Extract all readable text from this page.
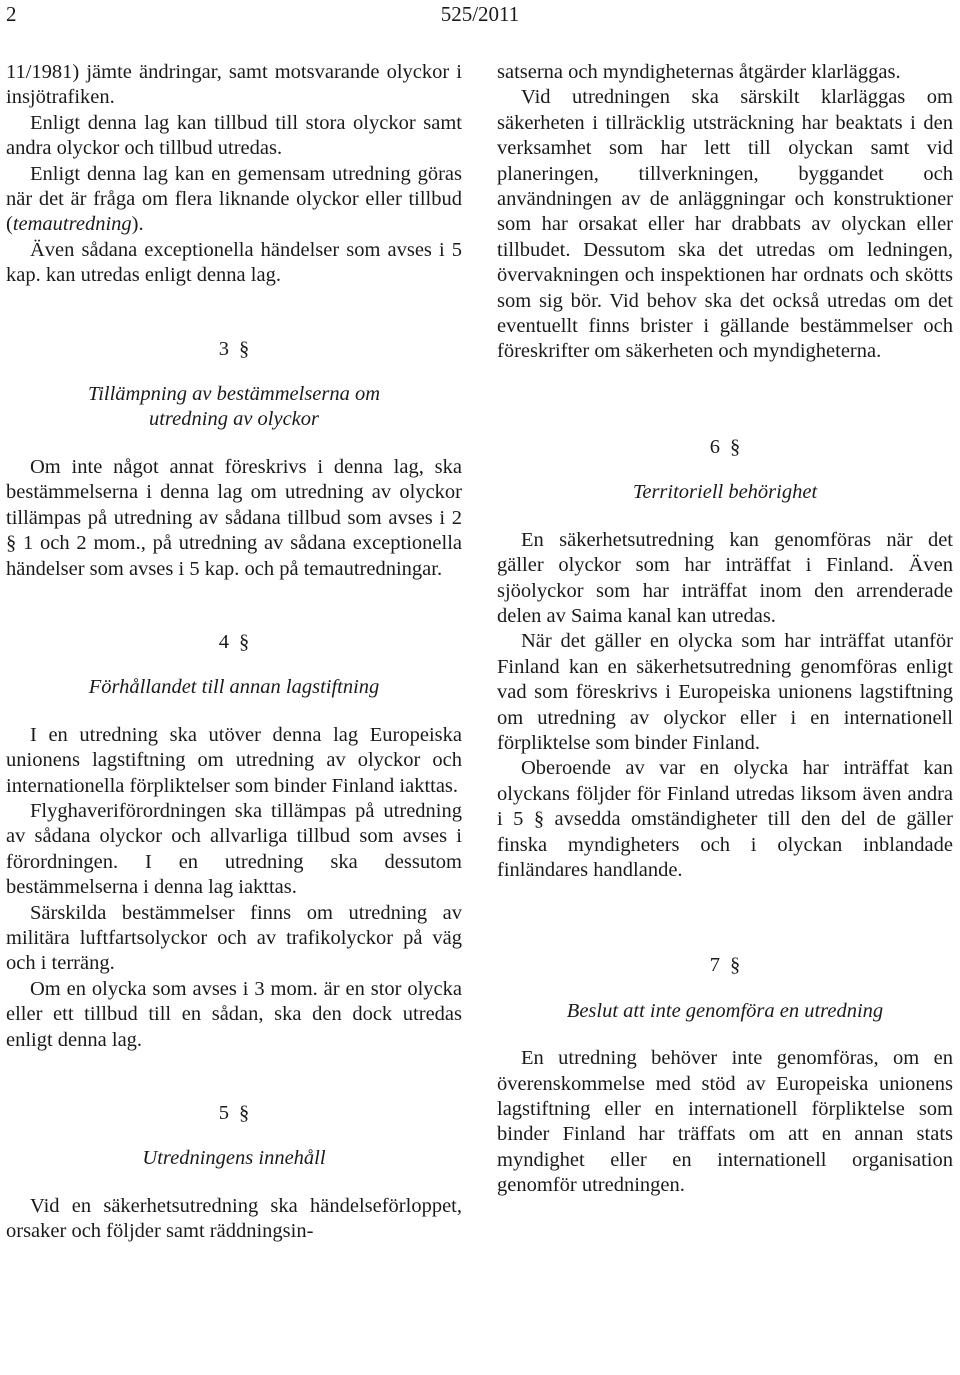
2	525/2011

11/1981) jämte ändringar, samt motsvarande olyckor i insjötrafiken.

Enligt denna lag kan tillbud till stora olyckor samt andra olyckor och tillbud utredas.

Enligt denna lag kan en gemensam utredning göras när det är fråga om flera liknande olyckor eller tillbud (temautredning).

Även sådana exceptionella händelser som avses i 5 kap. kan utredas enligt denna lag.

3 §
Tillämpning av bestämmelserna om
utredning av olyckor

Om inte något annat föreskrivs i denna lag, ska bestämmelserna i denna lag om utredning av olyckor tillämpas på utredning av sådana tillbud som avses i 2 § 1 och 2 mom., på utredning av sådana exceptionella händelser som avses i 5 kap. och på temautredningar.

4 §
Förhållandet till annan lagstiftning

I en utredning ska utöver denna lag Europeiska unionens lagstiftning om utredning av olyckor och internationella förpliktelser som binder Finland iakttas.

Flyghaveriförordningen ska tillämpas på utredning av sådana olyckor och allvarliga tillbud som avses i förordningen. I en utredning ska dessutom bestämmelserna i denna lag iakttas.

Särskilda bestämmelser finns om utredning av militära luftfartsolyckor och av trafikolyckor på väg och i terräng.

Om en olycka som avses i 3 mom. är en stor olycka eller ett tillbud till en sådan, ska den dock utredas enligt denna lag.

5 §
Utredningens innehåll

Vid en säkerhetsutredning ska händelseförloppet, orsaker och följder samt räddningsin-

satserna och myndigheternas åtgärder klarläggas.

Vid utredningen ska särskilt klarläggas om säkerheten i tillräcklig utsträckning har beaktats i den verksamhet som har lett till olyckan samt vid planeringen, tillverkningen, byggandet och användningen av de anläggningar och konstruktioner som har orsakat eller har drabbats av olyckan eller tillbudet. Dessutom ska det utredas om ledningen, övervakningen och inspektionen har ordnats och skötts som sig bör. Vid behov ska det också utredas om det eventuellt finns brister i gällande bestämmelser och föreskrifter om säkerheten och myndigheterna.

6 §
Territoriell behörighet

En säkerhetsutredning kan genomföras när det gäller olyckor som har inträffat i Finland. Även sjöolyckor som har inträffat inom den arrenderade delen av Saima kanal kan utredas.

När det gäller en olycka som har inträffat utanför Finland kan en säkerhetsutredning genomföras enligt vad som föreskrivs i Europeiska unionens lagstiftning om utredning av olyckor eller i en internationell förpliktelse som binder Finland.

Oberoende av var en olycka har inträffat kan olyckans följder för Finland utredas liksom även andra i 5 § avsedda omständigheter till den del de gäller finska myndigheters och i olyckan inblandade finländares handlande.

7 §
Beslut att inte genomföra en utredning

En utredning behöver inte genomföras, om en överenskommelse med stöd av Europeiska unionens lagstiftning eller en internationell förpliktelse som binder Finland har träffats om att en annan stats myndighet eller en internationell organisation genomför utredningen.
